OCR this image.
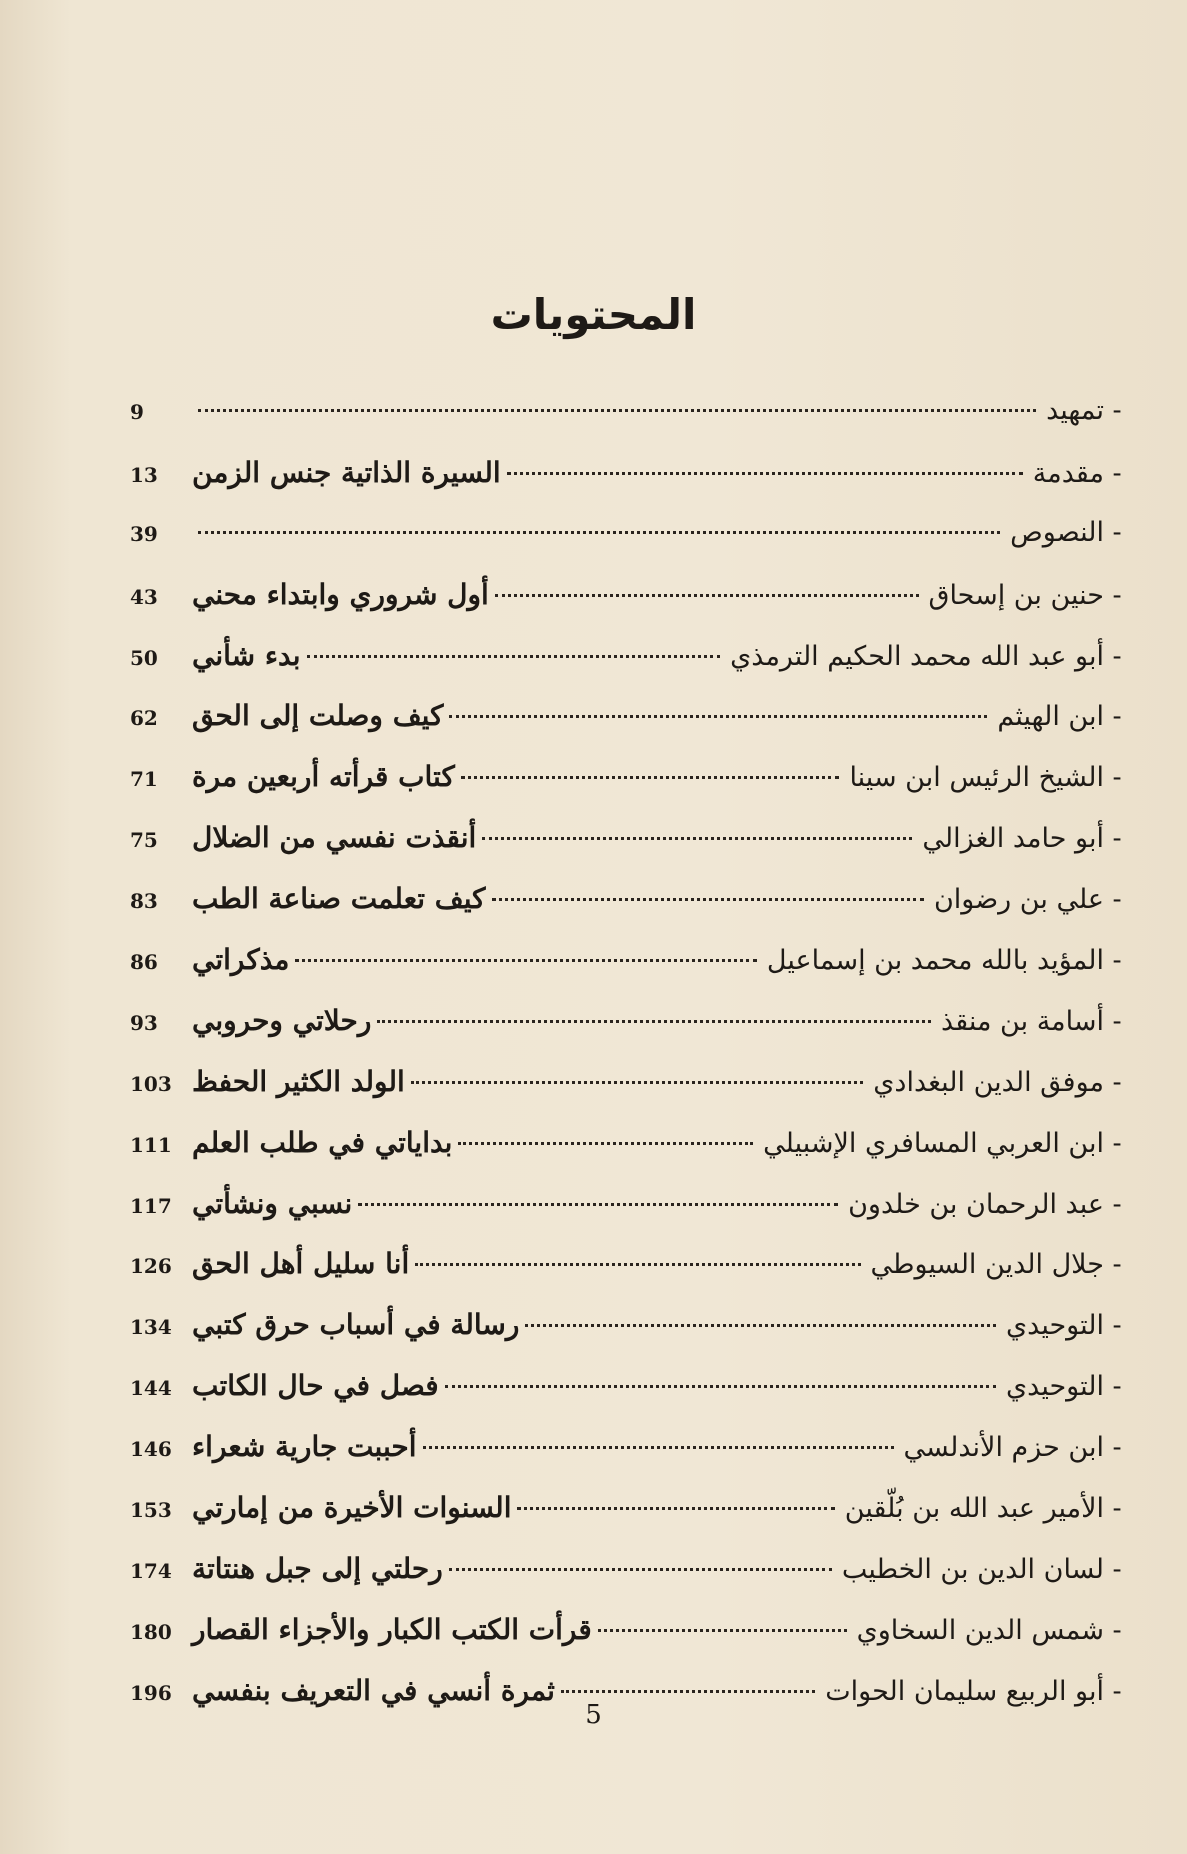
المحتويات
-
تمهيد
9
-
مقدمة
السيرة الذاتية جنس الزمن
13
-
النصوص
39
-
حنين بن إسحاق
أول شروري وابتداء محني
43
-
أبو عبد الله محمد الحكيم الترمذي
بدء شأني
50
-
ابن الهيثم
كيف وصلت إلى الحق
62
-
الشيخ الرئيس ابن سينا
كتاب قرأته أربعين مرة
71
-
أبو حامد الغزالي
أنقذت نفسي من الضلال
75
-
علي بن رضوان
كيف تعلمت صناعة الطب
83
-
المؤيد بالله محمد بن إسماعيل
مذكراتي
86
-
أسامة بن منقذ
رحلاتي وحروبي
93
-
موفق الدين البغدادي
الولد الكثير الحفظ
103
-
ابن العربي المسافري الإشبيلي
بداياتي في طلب العلم
111
-
عبد الرحمان بن خلدون
نسبي ونشأتي
117
-
جلال الدين السيوطي
أنا سليل أهل الحق
126
-
التوحيدي
رسالة في أسباب حرق كتبي
134
-
التوحيدي
فصل في حال الكاتب
144
-
ابن حزم الأندلسي
أحببت جارية شعراء
146
-
الأمير عبد الله بن بُلّقين
السنوات الأخيرة من إمارتي
153
-
لسان الدين بن الخطيب
رحلتي إلى جبل هنتاتة
174
-
شمس الدين السخاوي
قرأت الكتب الكبار والأجزاء القصار
180
-
أبو الربيع سليمان الحوات
ثمرة أنسي في التعريف بنفسي
196
5
